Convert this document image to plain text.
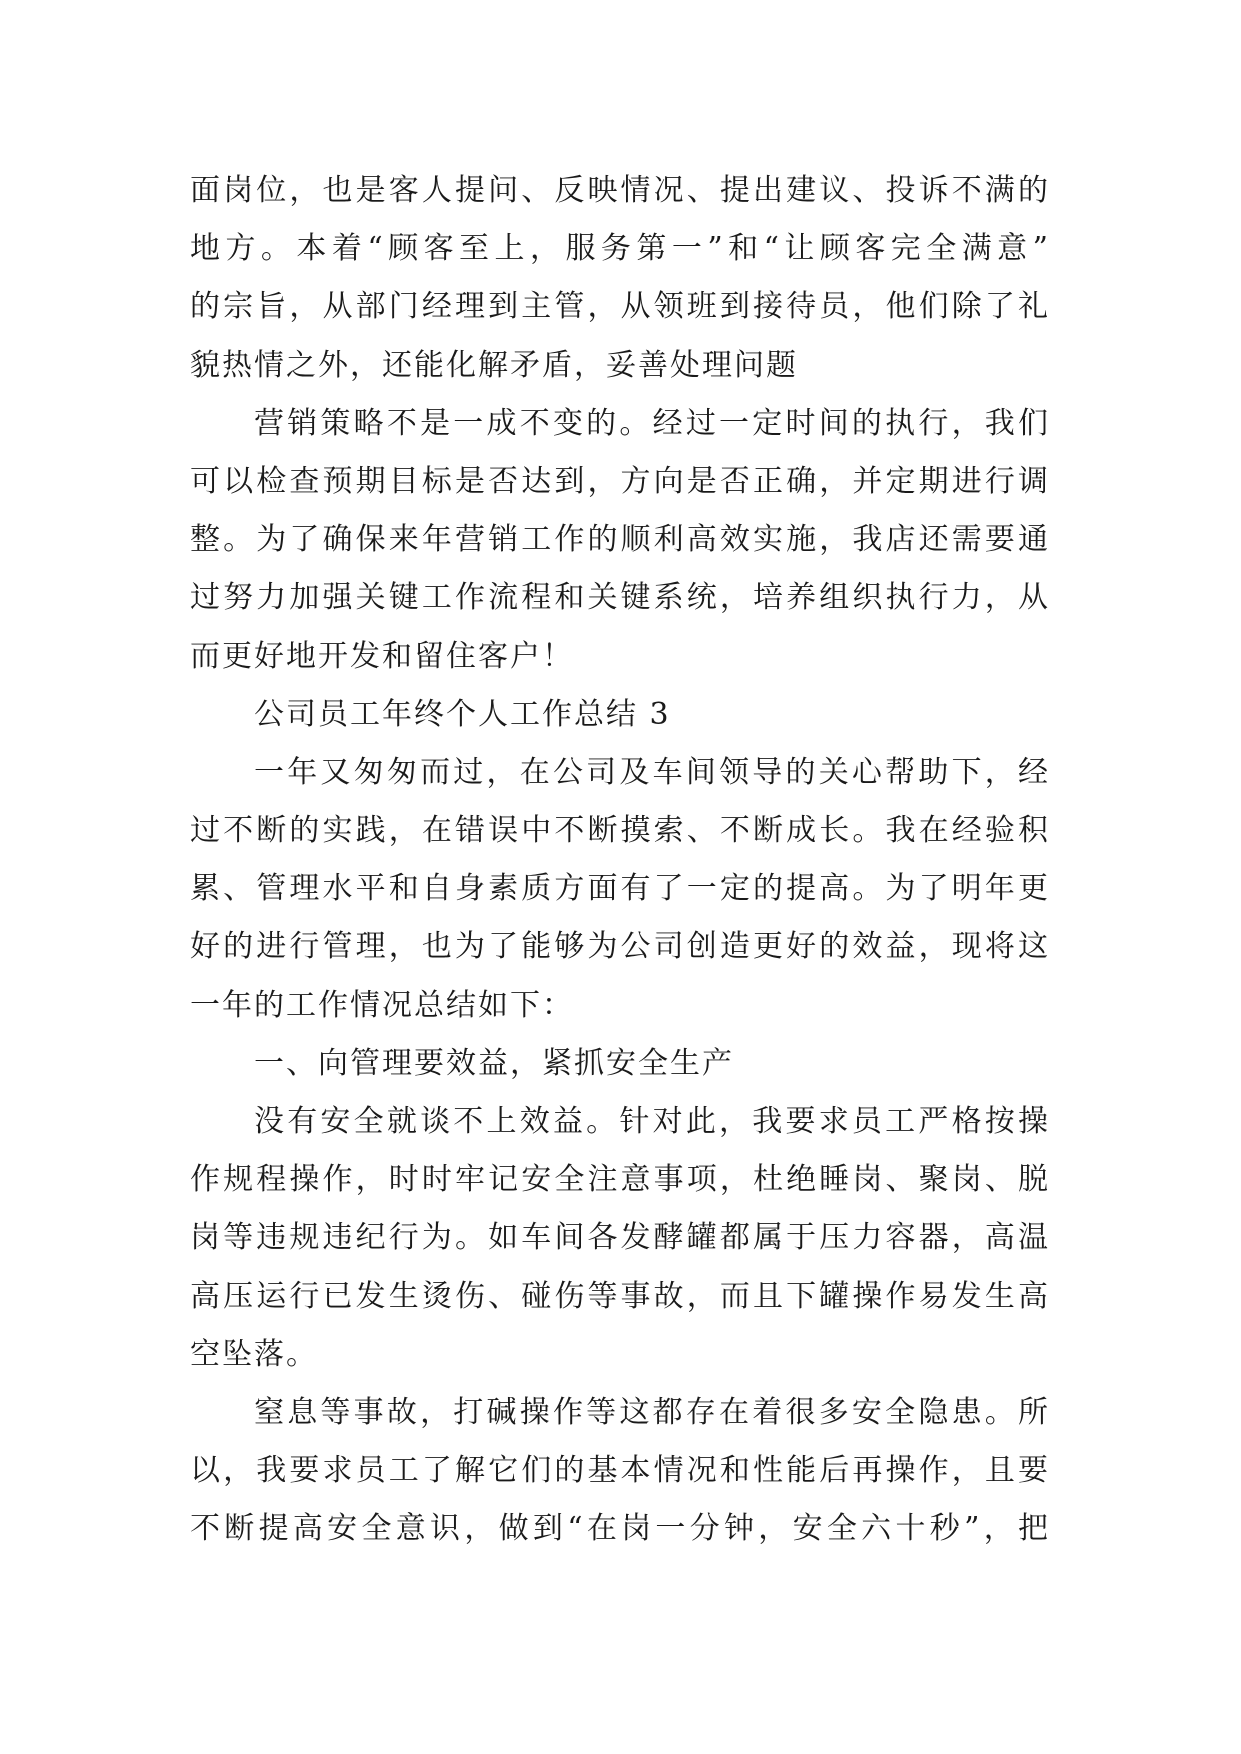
面岗位，也是客人提问、反映情况、提出建议、投诉不满的
地方。本着“顾客至上，服务第一”和“让顾客完全满意”
的宗旨，从部门经理到主管，从领班到接待员，他们除了礼
貌热情之外，还能化解矛盾，妥善处理问题
营销策略不是一成不变的。经过一定时间的执行，我们
可以检查预期目标是否达到，方向是否正确，并定期进行调
整。为了确保来年营销工作的顺利高效实施，我店还需要通
过努力加强关键工作流程和关键系统，培养组织执行力，从
而更好地开发和留住客户！
公司员工年终个人工作总结 3
一年又匆匆而过，在公司及车间领导的关心帮助下，经
过不断的实践，在错误中不断摸索、不断成长。我在经验积
累、管理水平和自身素质方面有了一定的提高。为了明年更
好的进行管理，也为了能够为公司创造更好的效益，现将这
一年的工作情况总结如下：
一、向管理要效益，紧抓安全生产
没有安全就谈不上效益。针对此，我要求员工严格按操
作规程操作，时时牢记安全注意事项，杜绝睡岗、聚岗、脱
岗等违规违纪行为。如车间各发酵罐都属于压力容器，高温
高压运行已发生烫伤、碰伤等事故，而且下罐操作易发生高
空坠落。
窒息等事故，打碱操作等这都存在着很多安全隐患。所
以，我要求员工了解它们的基本情况和性能后再操作，且要
不断提高安全意识，做到“在岗一分钟，安全六十秒”，把
